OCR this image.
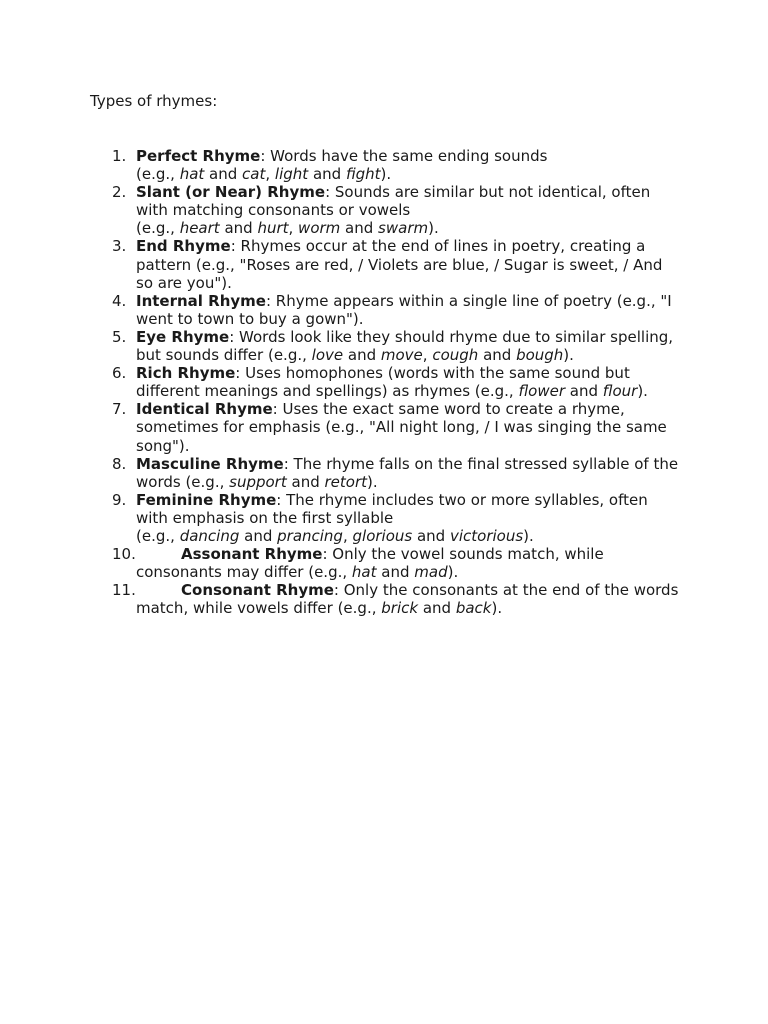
Types of rhymes:

1. Perfect Rhyme: Words have the same ending sounds
(e.g., hat and cat, light and fight).
2. Slant (or Near) Rhyme: Sounds are similar but not identical, often with matching consonants or vowels
(e.g., heart and hurt, worm and swarm).
3. End Rhyme: Rhymes occur at the end of lines in poetry, creating a pattern (e.g., "Roses are red, / Violets are blue, / Sugar is sweet, / And so are you").
4. Internal Rhyme: Rhyme appears within a single line of poetry (e.g., "I went to town to buy a gown").
5. Eye Rhyme: Words look like they should rhyme due to similar spelling, but sounds differ (e.g., love and move, cough and bough).
6. Rich Rhyme: Uses homophones (words with the same sound but different meanings and spellings) as rhymes (e.g., flower and flour).
7. Identical Rhyme: Uses the exact same word to create a rhyme, sometimes for emphasis (e.g., "All night long, / I was singing the same song").
8. Masculine Rhyme: The rhyme falls on the final stressed syllable of the words (e.g., support and retort).
9. Feminine Rhyme: The rhyme includes two or more syllables, often with emphasis on the first syllable
(e.g., dancing and prancing, glorious and victorious).
10.	Assonant Rhyme: Only the vowel sounds match, while consonants may differ (e.g., hat and mad).
11.	Consonant Rhyme: Only the consonants at the end of the words match, while vowels differ (e.g., brick and back).
